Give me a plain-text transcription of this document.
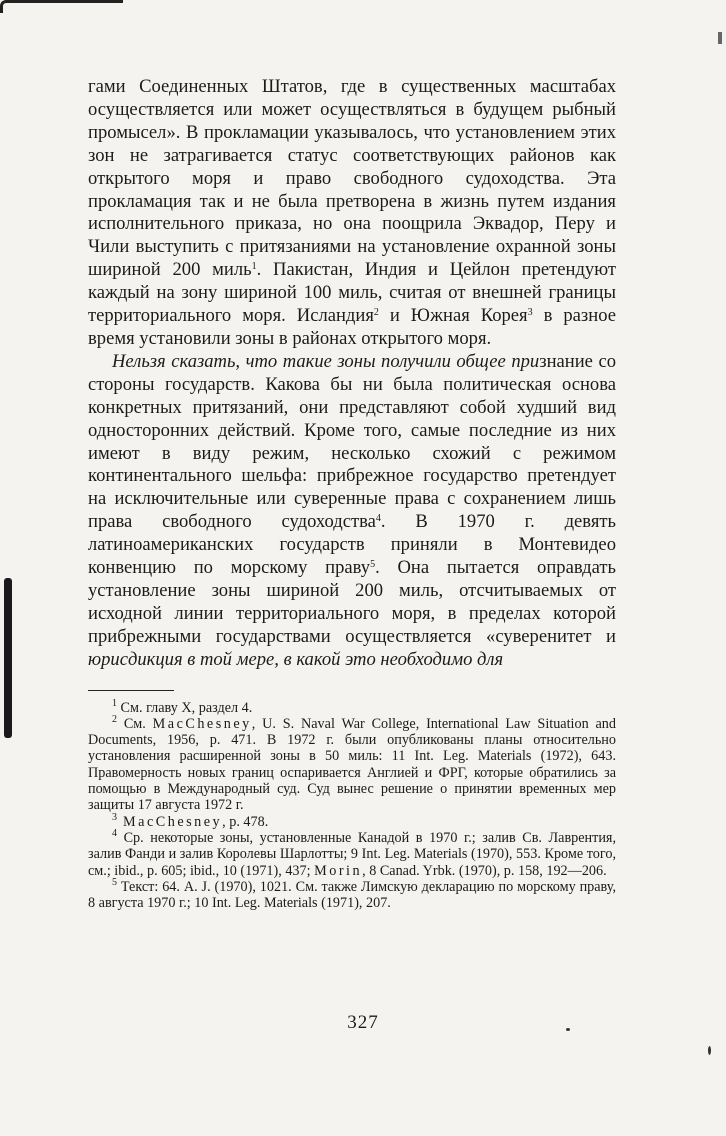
гами Соединенных Штатов, где в существенных масштабах осуществляется или может осуществляться в будущем рыбный промысел». В прокламации указывалось, что установлением этих зон не затрагивается статус соответствующих районов как открытого моря и право свободного судоходства. Эта прокламация так и не была претворена в жизнь путем издания исполнительного приказа, но она поощрила Эквадор, Перу и Чили выступить с притязаниями на установление охранной зоны шириной 200 миль$^1$. Пакистан, Индия и Цейлон претендуют каждый на зону шириной 100 миль, считая от внешней границы территориального моря. Исландия$^2$ и Южная Корея$^3$ в разное время установили зоны в районах открытого моря.

Нельзя сказать, что такие зоны получили общее признание со стороны государств. Какова бы ни была политическая основа конкретных притязаний, они представляют собой худший вид односторонних действий. Кроме того, самые последние из них имеют в виду режим, несколько схожий с режимом континентального шельфа: прибрежное государство претендует на исключительные или суверенные права с сохранением лишь права свободного судоходства$^4$. В 1970 г. девять латиноамериканских государств приняли в Монтевидео конвенцию по морскому праву$^5$. Она пытается оправдать установление зоны шириной 200 миль, отсчитываемых от исходной линии территориального моря, в пределах которой прибрежными государствами осуществляется «суверенитет и юрисдикция в той мере, в какой это необходимо для

$^1$ См. главу X, раздел 4.

$^2$ См. MacChesney, U. S. Naval War College, International Law Situation and Documents, 1956, p. 471. В 1972 г. были опубликованы планы относительно установления расширенной зоны в 50 миль: 11 Int. Leg. Materials (1972), 643. Правомерность новых границ оспаривается Англией и ФРГ, которые обратились за помощью в Международный суд. Суд вынес решение о принятии временных мер защиты 17 августа 1972 г.

$^3$ MacChesney, p. 478.

$^4$ Ср. некоторые зоны, установленные Канадой в 1970 г.; залив Св. Лаврентия, залив Фанди и залив Королевы Шарлотты; 9 Int. Leg. Materials (1970), 553. Кроме того, см.; ibid., p. 605; ibid., 10 (1971), 437; Morin, 8 Canad. Yrbk. (1970), p. 158, 192—206.

$^5$ Текст: 64. A. J. (1970), 1021. См. также Лимскую декларацию по морскому праву, 8 августа 1970 г.; 10 Int. Leg. Materials (1971), 207.

327
